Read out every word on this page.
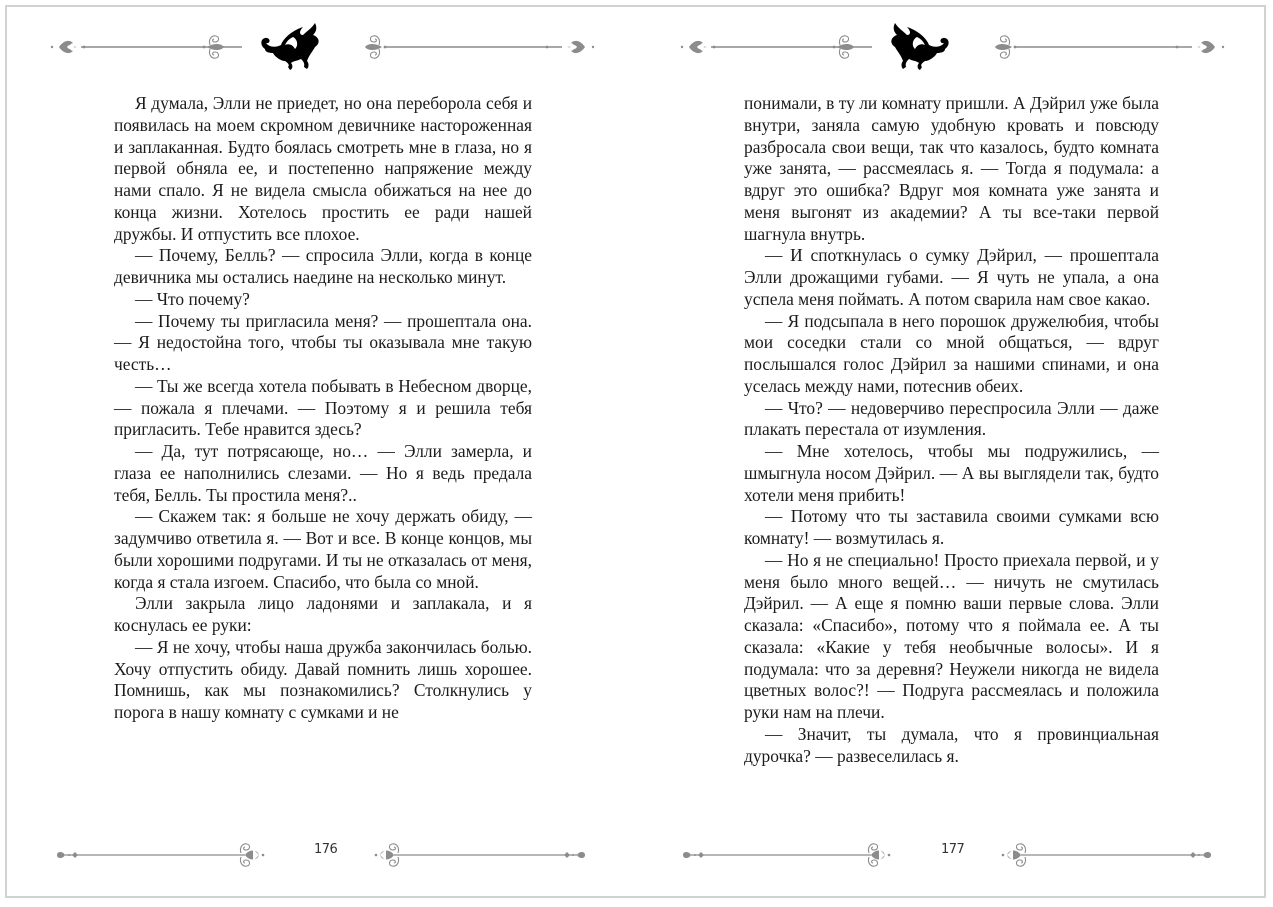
Я думала, Элли не приедет, но она переборола себя и появилась на моем скромном девичнике настороженная и заплаканная. Будто боялась смотреть мне в глаза, но я первой обняла ее, и постепенно напряжение между нами спало. Я не видела смысла обижаться на нее до конца жизни. Хотелось простить ее ради нашей дружбы. И отпустить все плохое.

— Почему, Белль? — спросила Элли, когда в конце девичника мы остались наедине на несколько минут.

— Что почему?

— Почему ты пригласила меня? — прошептала она. — Я недостойна того, чтобы ты оказывала мне такую честь…

— Ты же всегда хотела побывать в Небесном дворце, — пожала я плечами. — Поэтому я и решила тебя пригласить. Тебе нравится здесь?

— Да, тут потрясающе, но… — Элли замерла, и глаза ее наполнились слезами. — Но я ведь предала тебя, Белль. Ты простила меня?..

— Скажем так: я больше не хочу держать обиду, — задумчиво ответила я. — Вот и все. В конце концов, мы были хорошими подругами. И ты не отказалась от меня, когда я стала изгоем. Спасибо, что была со мной.

Элли закрыла лицо ладонями и заплакала, и я коснулась ее руки:

— Я не хочу, чтобы наша дружба закончилась болью. Хочу отпустить обиду. Давай помнить лишь хорошее. Помнишь, как мы познакомились? Столкнулись у порога в нашу комнату с сумками и не

176

понимали, в ту ли комнату пришли. А Дэйрил уже была внутри, заняла самую удобную кровать и повсюду разбросала свои вещи, так что казалось, будто комната уже занята, — рассмеялась я. — Тогда я подумала: а вдруг это ошибка? Вдруг моя комната уже занята и меня выгонят из академии? А ты все-таки первой шагнула внутрь.

— И споткнулась о сумку Дэйрил, — прошептала Элли дрожащими губами. — Я чуть не упала, а она успела меня поймать. А потом сварила нам свое какао.

— Я подсыпала в него порошок дружелюбия, чтобы мои соседки стали со мной общаться, — вдруг послышался голос Дэйрил за нашими спинами, и она уселась между нами, потеснив обеих.

— Что? — недоверчиво переспросила Элли — даже плакать перестала от изумления.

— Мне хотелось, чтобы мы подружились, — шмыгнула носом Дэйрил. — А вы выглядели так, будто хотели меня прибить!

— Потому что ты заставила своими сумками всю комнату! — возмутилась я.

— Но я не специально! Просто приехала первой, и у меня было много вещей… — ничуть не смутилась Дэйрил. — А еще я помню ваши первые слова. Элли сказала: «Спасибо», потому что я поймала ее. А ты сказала: «Какие у тебя необычные волосы». И я подумала: что за деревня? Неужели никогда не видела цветных волос?! — Подруга рассмеялась и положила руки нам на плечи.

— Значит, ты думала, что я провинциальная дурочка? — развеселилась я.

177
